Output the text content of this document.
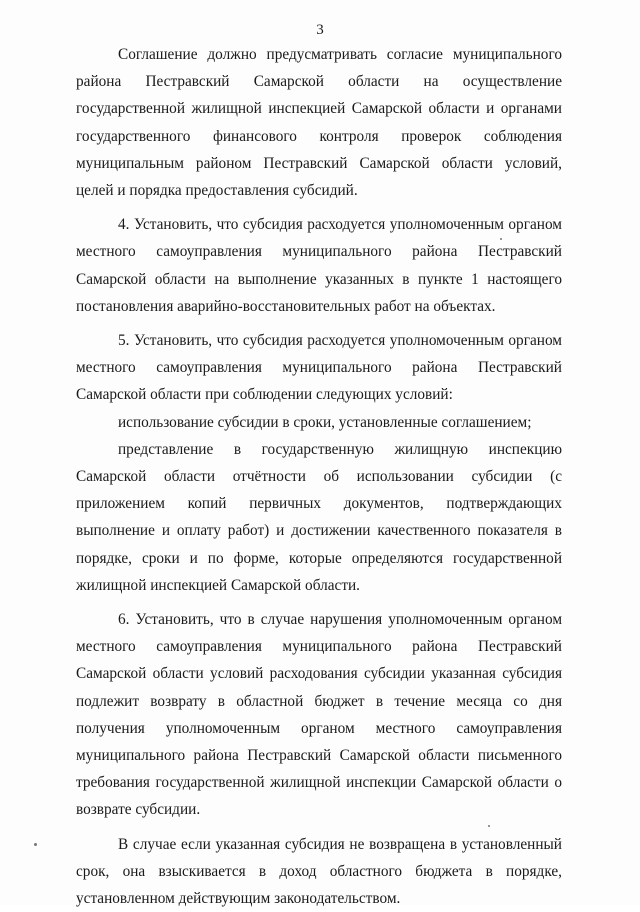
3

Соглашение должно предусматривать согласие муниципального района Пестравский Самарской области на осуществление государственной жилищной инспекцией Самарской области и органами государственного финансового контроля проверок соблюдения муниципальным районом Пестравский Самарской области условий, целей и порядка предоставления субсидий.

4. Установить, что субсидия расходуется уполномоченным органом местного самоуправления муниципального района Пестравский Самарской области на выполнение указанных в пункте 1 настоящего постановления аварийно-восстановительных работ на объектах.

5. Установить, что субсидия расходуется уполномоченным органом местного самоуправления муниципального района Пестравский Самарской области при соблюдении следующих условий:

использование субсидии в сроки, установленные соглашением;

представление в государственную жилищную инспекцию Самарской области отчётности об использовании субсидии (с приложением копий первичных документов, подтверждающих выполнение и оплату работ) и достижении качественного показателя в порядке, сроки и по форме, которые определяются государственной жилищной инспекцией Самарской области.

6. Установить, что в случае нарушения уполномоченным органом местного самоуправления муниципального района Пестравский Самарской области условий расходования субсидии указанная субсидия подлежит возврату в областной бюджет в течение месяца со дня получения уполномоченным органом местного самоуправления муниципального района Пестравский Самарской области письменного требования государственной жилищной инспекции Самарской области о возврате субсидии.

В случае если указанная субсидия не возвращена в установленный срок, она взыскивается в доход областного бюджета в порядке, установленном действующим законодательством.
